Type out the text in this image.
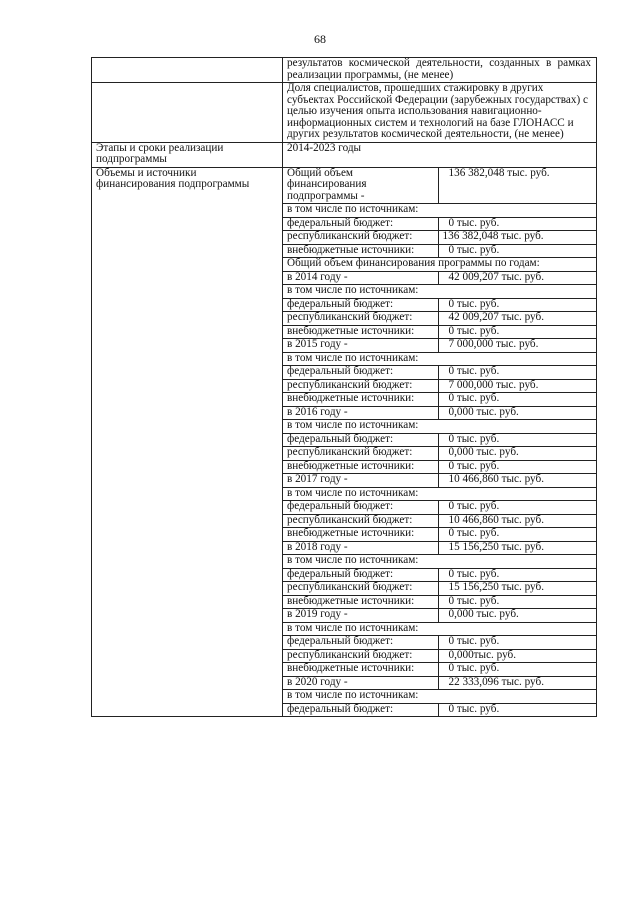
68
	результатов космической деятельности, созданных в рамках реализации программы, (не менее)
	Доля специалистов, прошедших стажировку в других субъектах Российской Федерации (зарубежных государствах) с целью изучения опыта использования навигационно-информационных систем и технологий на базе ГЛОНАСС и других результатов космической деятельности, (не менее)
Этапы и сроки реализации подпрограммы	2014-2023 годы
Объемы и источники финансирования подпрограммы	
Общий объем финансирования подпрограммы -	136 382,048 тыс. руб.
в том числе по источникам:
федеральный бюджет:	0 тыс. руб.
республиканский бюджет:	136 382,048 тыс. руб.
внебюджетные источники:	0 тыс. руб.
Общий объем финансирования программы по годам:
в 2014 году -	42 009,207 тыс. руб.
в том числе по источникам:
федеральный бюджет:	0 тыс. руб.
республиканский бюджет:	42 009,207 тыс. руб.
внебюджетные источники:	0 тыс. руб.
в 2015 году -	7 000,000 тыс. руб.
в том числе по источникам:
федеральный бюджет:	0 тыс. руб.
республиканский бюджет:	7 000,000 тыс. руб.
внебюджетные источники:	0 тыс. руб.
в 2016 году -	0,000 тыс. руб.
в том числе по источникам:
федеральный бюджет:	0 тыс. руб.
республиканский бюджет:	0,000 тыс. руб.
внебюджетные источники:	0 тыс. руб.
в 2017 году -	10 466,860 тыс. руб.
в том числе по источникам:
федеральный бюджет:	0 тыс. руб.
республиканский бюджет:	10 466,860 тыс. руб.
внебюджетные источники:	0 тыс. руб.
в 2018 году -	15 156,250 тыс. руб.
в том числе по источникам:
федеральный бюджет:	0 тыс. руб.
республиканский бюджет:	15 156,250 тыс. руб.
внебюджетные источники:	0 тыс. руб.
в 2019 году -	0,000 тыс. руб.
в том числе по источникам:
федеральный бюджет:	0 тыс. руб.
республиканский бюджет:	0,000тыс. руб.
внебюджетные источники:	0 тыс. руб.
в 2020 году -	22 333,096 тыс. руб.
в том числе по источникам:
федеральный бюджет:	0 тыс. руб.
